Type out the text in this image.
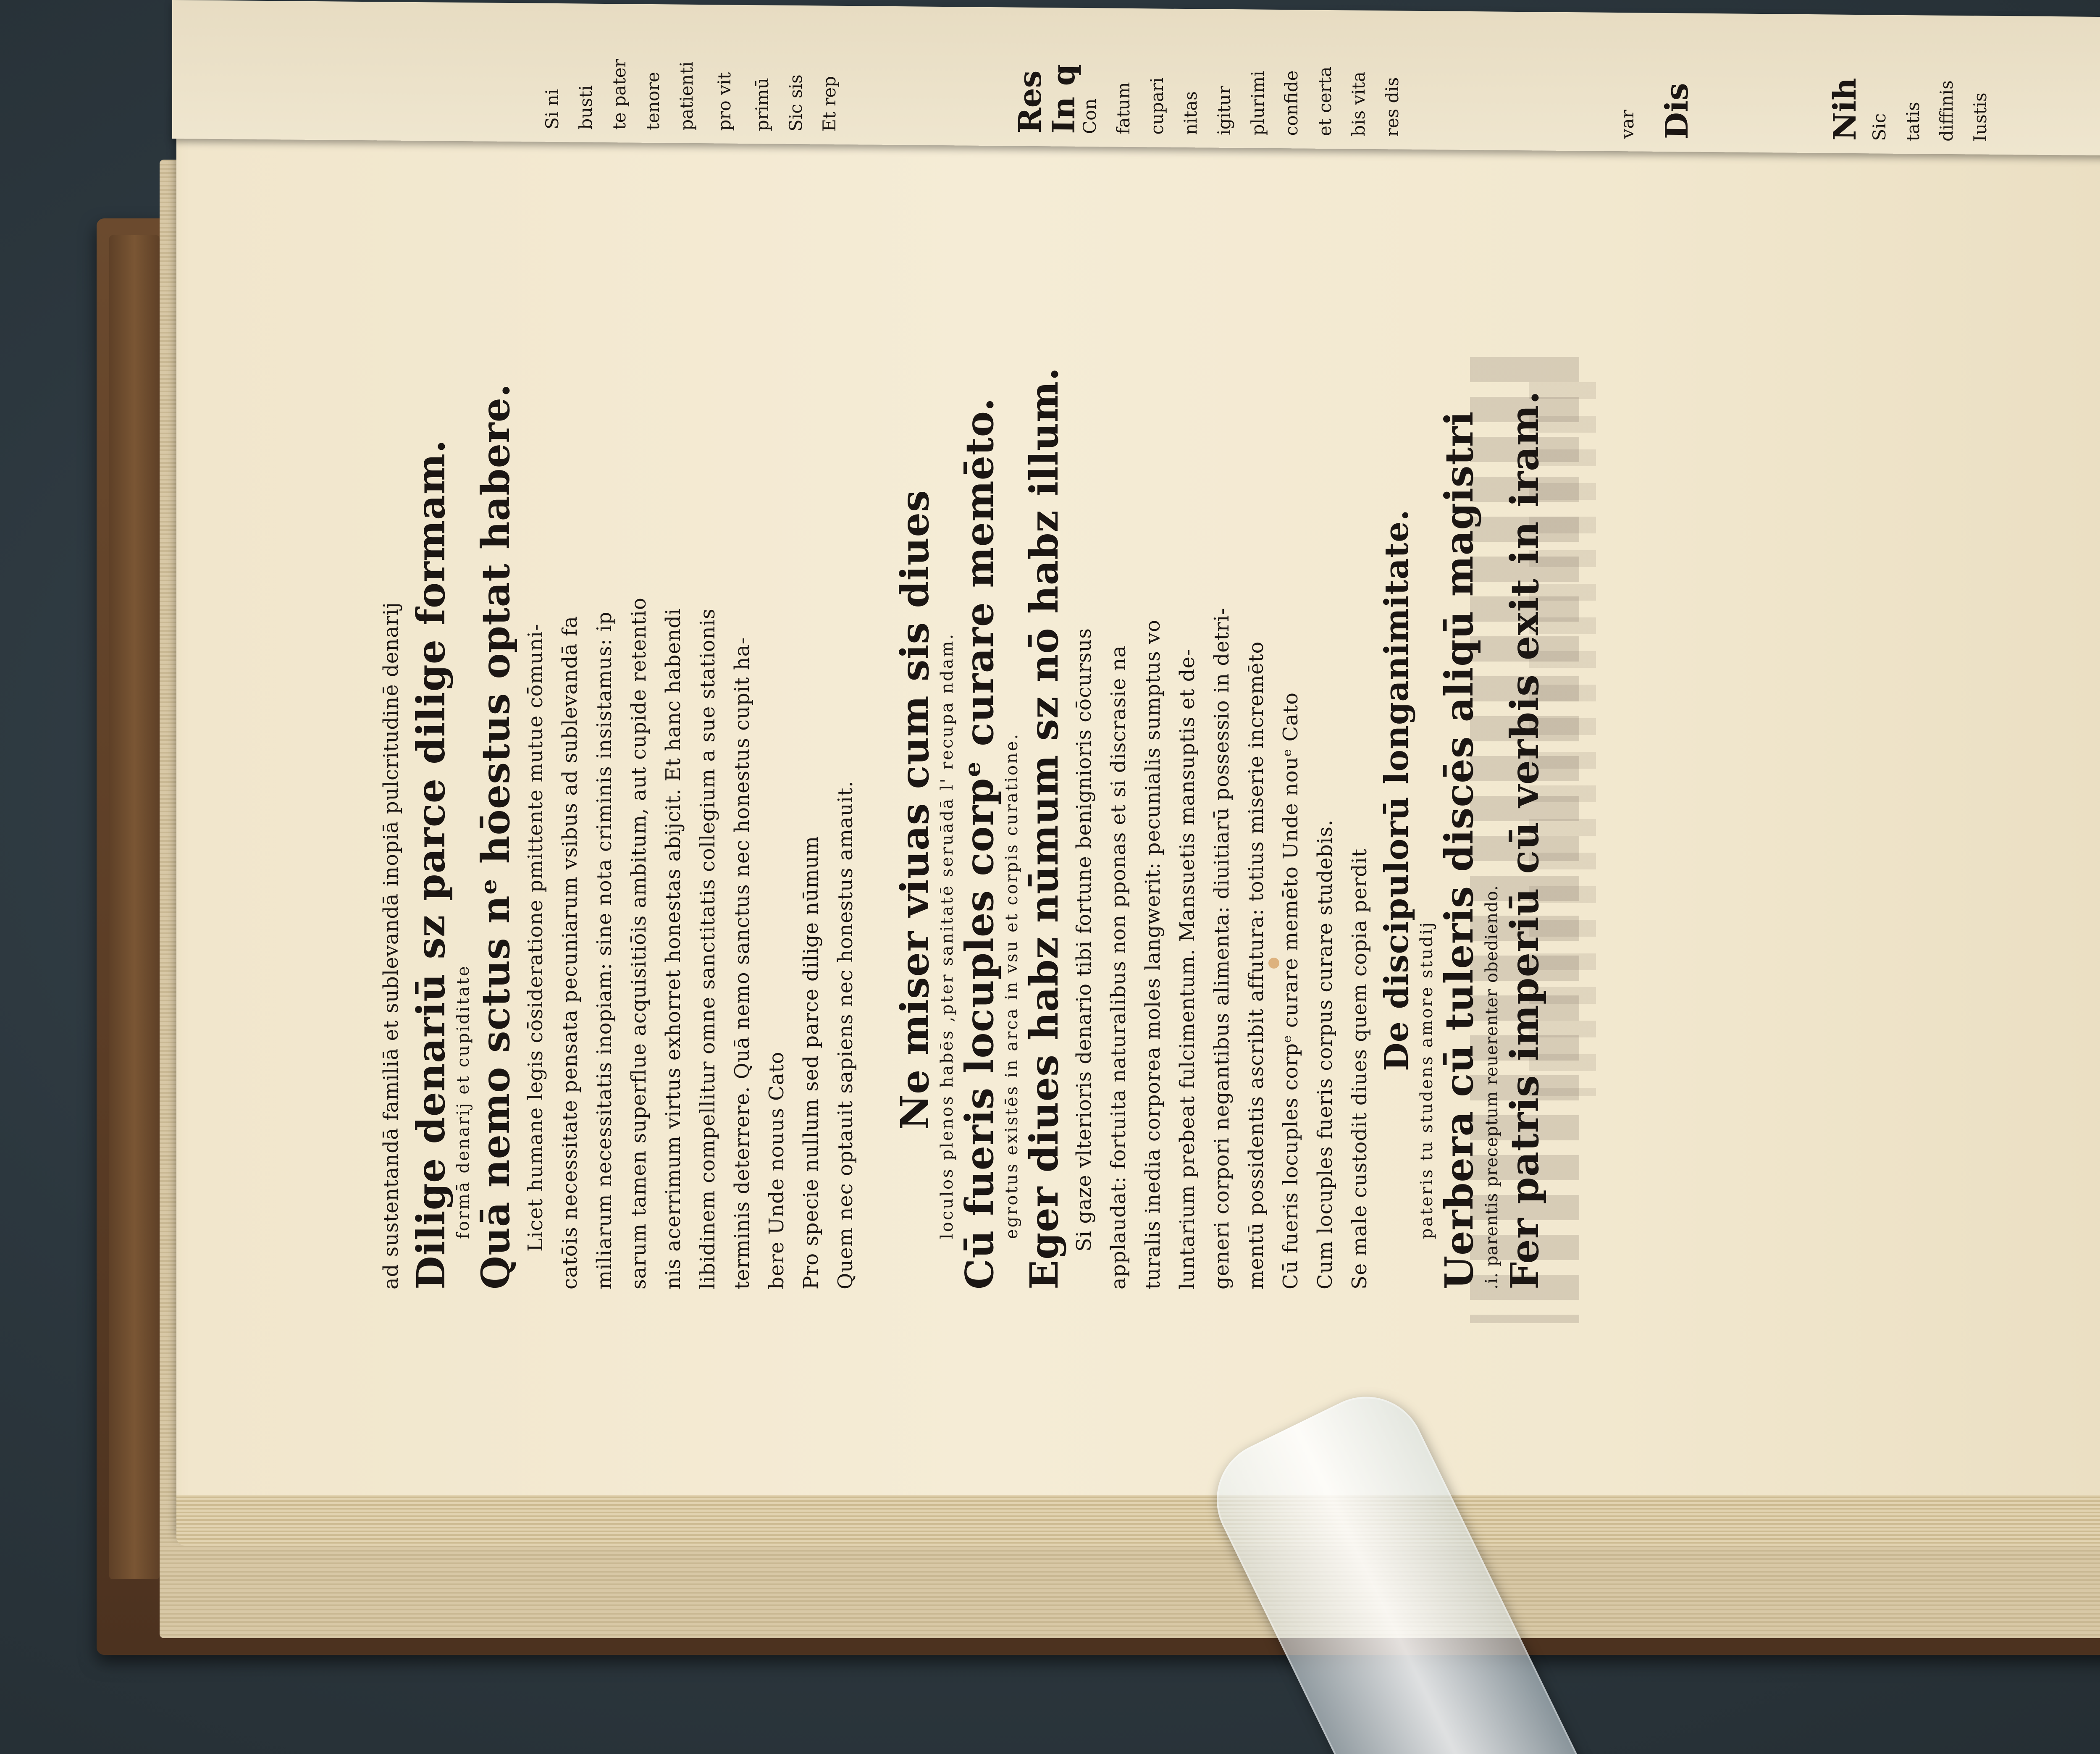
Si ni busti te pater tenore patienti pro vit primū Sic sis Et rep	Res
In q
Con fatum cupari nitas igitur plurimi confide et certa bis vita res dis	var Dis	Nih Sic tatis diffinis Iustis
ad sustentandā familiā et sublevandā inopiā pulcritudinē denarij Dilige denariū sz parce dilige formam. formā denarij et cupiditate Quā nemo sctus nᵉ hōestus optat habere. Licet humane legis cōsideratione pmittente mutue cōmuni- catōis necessitate pensata pecuniarum vsibus ad sublevandā fa miliarum necessitatis inopiam: sine nota criminis insistamus: ip sarum tamen superflue acquisitiōis ambitum, aut cupide retentio nis acerrimum virtus exhorret honestas abijcit. Et hanc habendi libidinem compellitur omne sanctitatis collegium a sue stationis terminis deterrere. Quā nemo sanctus nec honestus cupit ha- bere Unde nouus Cato Pro specie nullum sed parce dilige nūmum Quem nec optauit sapiens nec honestus amauit. Ne miser viuas cum sis diues loculos plenos habēs ,pter sanitatē seruādā l' recupa ndam. Cū fueris locuples corpᵉ curare memēto. egrotus existēs in arca in vsu et corpis curatione. Eger diues habz nūmum sz nō habz illum. Si gaze vlterioris denario tibi fortune benignioris cōcursus applaudat: fortuita naturalibus non pponas et si discrasie na turalis inedia corporea moles langwerit: pecunialis sumptus vo luntarium prebeat fulcimentum. Mansuetis mansuptis et de- generi corpori negantibus alimenta: diuitiarū possessio in detri- mentū possidentis ascribit affutura: totius miserie incremēto Cū fueris locuples corpᵉ curare memēto Unde nouᵉ Cato Cum locuples fueris corpus curare studebis. Se male custodit diues quem copia perdit De discipulorū longanimitate.
pateris tu studens amore studij Uerbera cū tuleris discēs aliqū magistri .i. parentis preceptum reuerenter obediendo. Fer patris imperiū cū verbis exit in iram.
